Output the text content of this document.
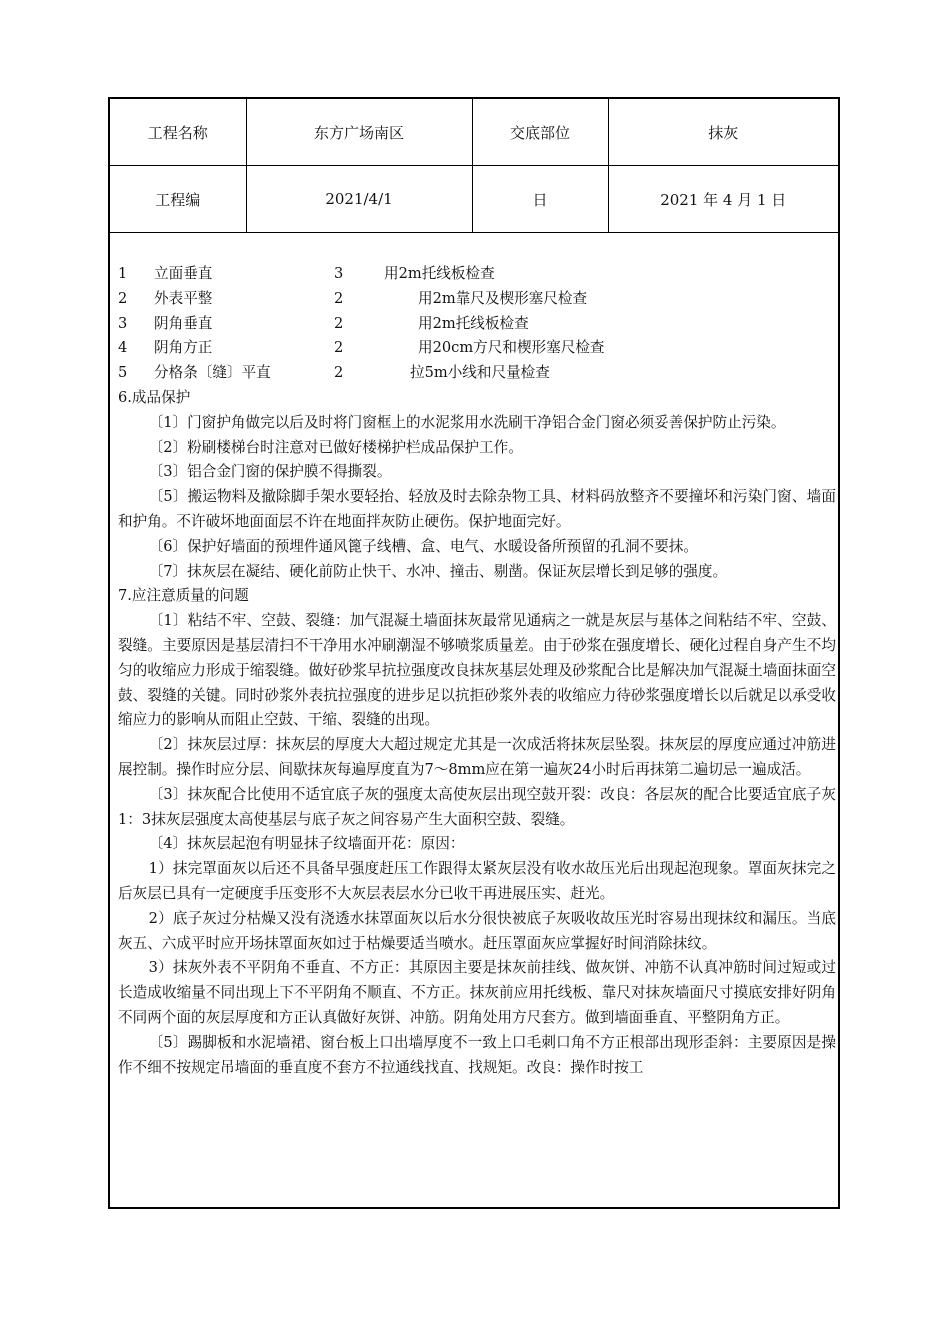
工程名称	东方广场南区	交底部位	抹灰
工程编	2021/4/1	日	2021 年 4 月 1 日
1	立面垂直	3	用2m托线板检查
2	外表平整	2	用2m靠尺及楔形塞尺检查
3	阴角垂直	2	用2m托线板检查
4	阴角方正	2	用20cm方尺和楔形塞尺检查
5	分格条〔缝〕平直	2	拉5m小线和尺量检查
6.成品保护
〔1〕门窗护角做完以后及时将门窗框上的水泥浆用水洗刷干净铝合金门窗必须妥善保护防止污染。
〔2〕粉刷楼梯台时注意对已做好楼梯护栏成品保护工作。
〔3〕铝合金门窗的保护膜不得撕裂。
〔5〕搬运物料及撤除脚手架水要轻抬、轻放及时去除杂物工具、材料码放整齐不要撞坏和污染门窗、墙面和护角。不许破坏地面面层不许在地面拌灰防止硬伤。保护地面完好。
〔6〕保护好墙面的预埋件通风篦子线槽、盒、电气、水暖设备所预留的孔洞不要抹。
〔7〕抹灰层在凝结、硬化前防止快干、水冲、撞击、剔凿。保证灰层增长到足够的强度。
7.应注意质量的问题
〔1〕粘结不牢、空鼓、裂缝：加气混凝土墙面抹灰最常见通病之一就是灰层与基体之间粘结不牢、空鼓、裂缝。主要原因是基层清扫不干净用水冲刷潮湿不够喷浆质量差。由于砂浆在强度增长、硬化过程自身产生不均匀的收缩应力形成于缩裂缝。做好砂浆早抗拉强度改良抹灰基层处理及砂浆配合比是解决加气混凝土墙面抹面空鼓、裂缝的关键。同时砂浆外表抗拉强度的进步足以抗拒砂浆外表的收缩应力待砂浆强度增长以后就足以承受收缩应力的影响从而阻止空鼓、干缩、裂缝的出现。
〔2〕抹灰层过厚：抹灰层的厚度大大超过规定尤其是一次成活将抹灰层坠裂。抹灰层的厚度应通过冲筋进展控制。操作时应分层、间歇抹灰每遍厚度直为7～8mm应在第一遍灰24小时后再抹第二遍切忌一遍成活。
〔3〕抹灰配合比使用不适宜底子灰的强度太高使灰层出现空鼓开裂：改良：各层灰的配合比要适宜底子灰1：3抹灰层强度太高使基层与底子灰之间容易产生大面积空鼓、裂缝。
〔4〕抹灰层起泡有明显抹子纹墙面开花：原因：
1）抹完罩面灰以后还不具备早强度赶压工作跟得太紧灰层没有收水故压光后出现起泡现象。罩面灰抹完之后灰层已具有一定硬度手压变形不大灰层表层水分已收干再进展压实、赶光。
2）底子灰过分枯燥又没有浇透水抹罩面灰以后水分很快被底子灰吸收故压光时容易出现抹纹和漏压。当底灰五、六成平时应开场抹罩面灰如过于枯燥要适当喷水。赶压罩面灰应掌握好时间消除抹纹。
3）抹灰外表不平阴角不垂直、不方正：其原因主要是抹灰前挂线、做灰饼、冲筋不认真冲筋时间过短或过长造成收缩量不同出现上下不平阴角不顺直、不方正。抹灰前应用托线板、靠尺对抹灰墙面尺寸摸底安排好阴角不同两个面的灰层厚度和方正认真做好灰饼、冲筋。阴角处用方尺套方。做到墙面垂直、平整阴角方正。
〔5〕踢脚板和水泥墙裙、窗台板上口出墙厚度不一致上口毛刺口角不方正根部出现形歪斜：主要原因是操作不细不按规定吊墙面的垂直度不套方不拉通线找直、找规矩。改良：操作时按工
